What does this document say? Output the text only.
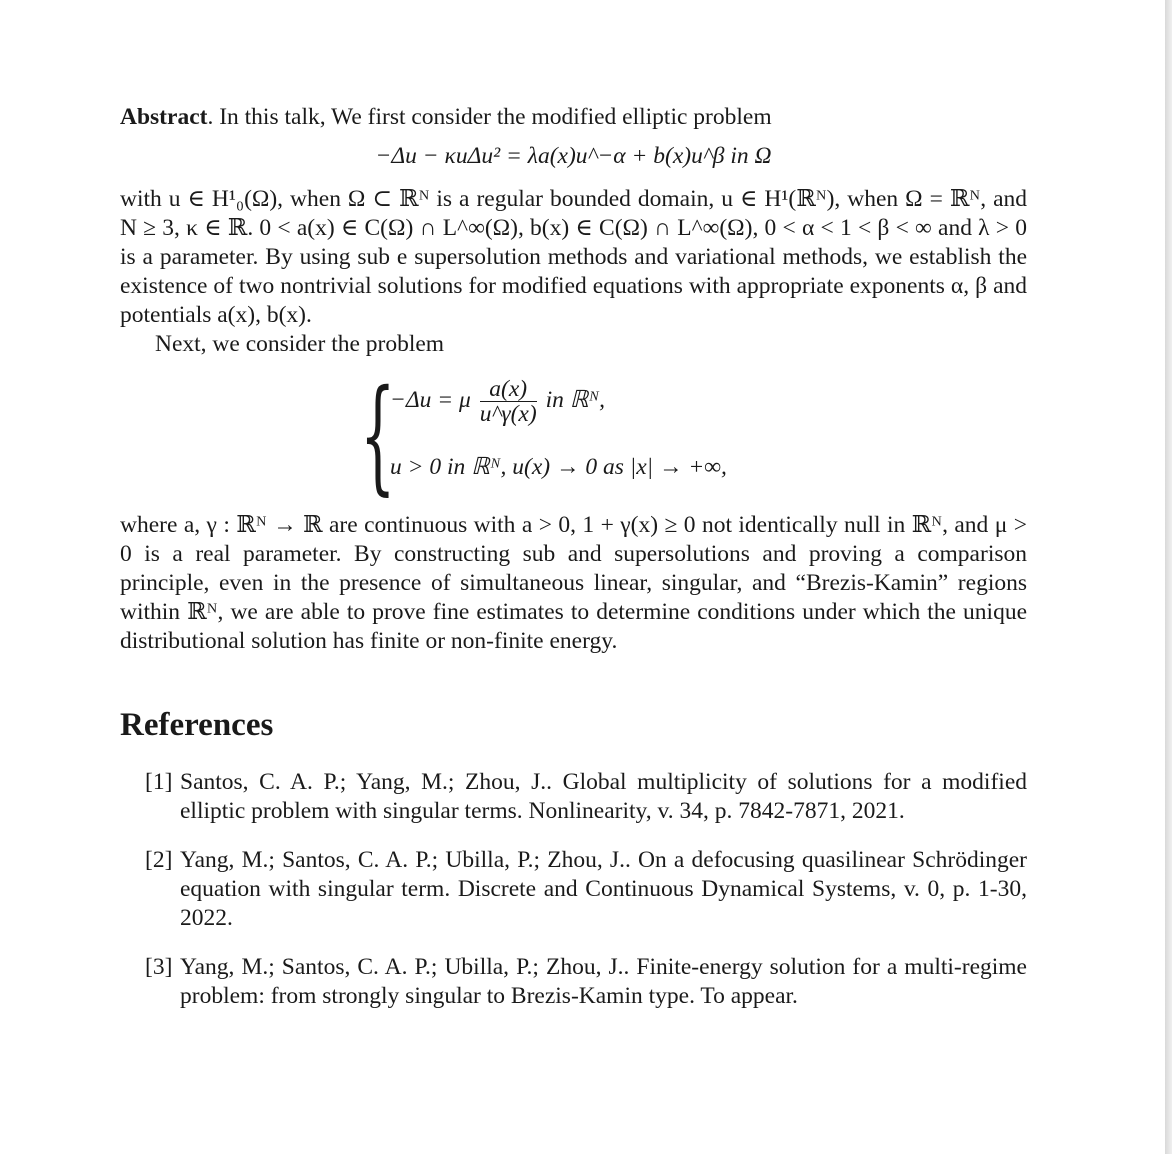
Abstract. In this talk, We first consider the modified elliptic problem

−Δu − κuΔu² = λa(x)u^−α + b(x)u^β in Ω

with u ∈ H¹₀(Ω), when Ω ⊂ ℝᴺ is a regular bounded domain, u ∈ H¹(ℝᴺ), when Ω = ℝᴺ, and N ≥ 3, κ ∈ ℝ. 0 < a(x) ∈ C(Ω) ∩ L^∞(Ω), b(x) ∈ C(Ω) ∩ L^∞(Ω), 0 < α < 1 < β < ∞ and λ > 0 is a parameter. By using sub e supersolution methods and variational methods, we establish the existence of two nontrivial solutions for modified equations with appropriate exponents α, β and potentials a(x), b(x).

Next, we consider the problem

{
−Δu = μ $\frac{a(x)}{u\^{}\gamma(x)}$ in ℝᴺ,
u > 0 in ℝᴺ, u(x) → 0 as |x| → +∞,

where a, γ : ℝᴺ → ℝ are continuous with a > 0, 1 + γ(x) ≥ 0 not identically null in ℝᴺ, and μ > 0 is a real parameter. By constructing sub and supersolutions and proving a comparison principle, even in the presence of simultaneous linear, singular, and “Brezis-Kamin” regions within ℝᴺ, we are able to prove fine estimates to determine conditions under which the unique distributional solution has finite or non-finite energy.

References
[1] Santos, C. A. P.; Yang, M.; Zhou, J.. Global multiplicity of solutions for a modified elliptic problem with singular terms. Nonlinearity, v. 34, p. 7842-7871, 2021.
[2] Yang, M.; Santos, C. A. P.; Ubilla, P.; Zhou, J.. On a defocusing quasilinear Schrödinger equation with singular term. Discrete and Continuous Dynamical Systems, v. 0, p. 1-30, 2022.
[3] Yang, M.; Santos, C. A. P.; Ubilla, P.; Zhou, J.. Finite-energy solution for a multi-regime problem: from strongly singular to Brezis-Kamin type. To appear.
